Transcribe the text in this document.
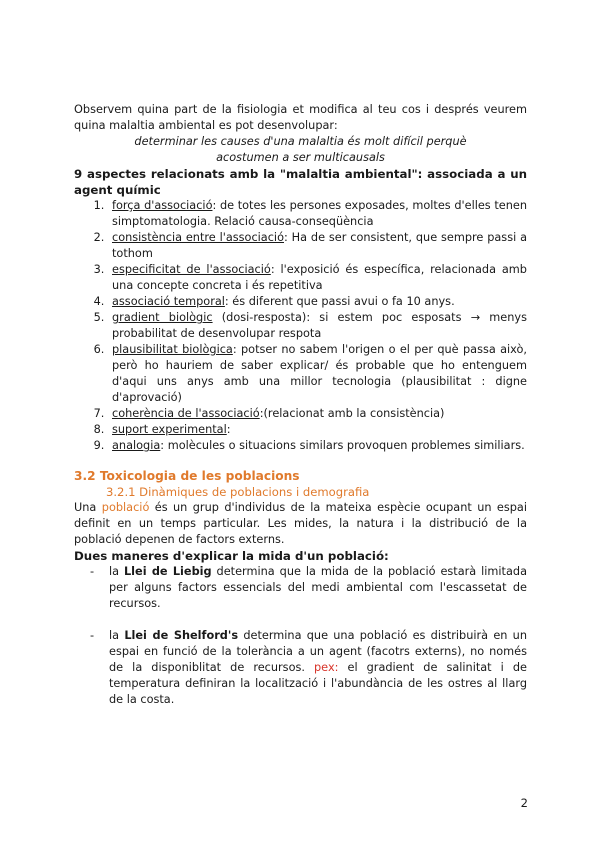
Observem quina part de la fisiologia et modifica al teu cos i després veurem quina malaltia ambiental es pot desenvolupar:

determinar les causes d'una malaltia és molt difícil perquè

acostumen a ser multicausals

9 aspectes relacionats amb la "malaltia ambiental": associada a un agent químic

1. força d'associació: de totes les persones exposades, moltes d'elles tenen simptomatologia. Relació causa-conseqüència
2. consistència entre l'associació: Ha de ser consistent, que sempre passi a tothom
3. especificitat de l'associació: l'exposició és específica, relacionada amb una concepte concreta i és repetitiva
4. associació temporal: és diferent que passi avui o fa 10 anys.
5. gradient biològic (dosi-resposta): si estem poc esposats → menys probabilitat de desenvolupar respota
6. plausibilitat biològica: potser no sabem l'origen o el per què passa això, però ho hauriem de saber explicar/ és probable que ho entenguem d'aqui uns anys amb una millor tecnologia (plausibilitat : digne d'aprovació)
7. coherència de l'associació:(relacionat amb la consistència)
8. suport experimental:
9. analogia: molècules o situacions similars provoquen problemes similiars.

3.2 Toxicologia de les poblacions

3.2.1 Dinàmiques de poblacions i demografia

Una població és un grup d'individus de la mateixa espècie ocupant un espai definit en un temps particular. Les mides, la natura i la distribució de la població depenen de factors externs.

Dues maneres d'explicar la mida d'un població:

- la Llei de Liebig determina que la mida de la població estarà limitada per alguns factors essencials del medi ambiental com l'escassetat de recursos.
- la Llei de Shelford's determina que una població es distribuirà en un espai en funció de la tolerància a un agent (facotrs externs), no només de la disponiblitat de recursos. pex: el gradient de salinitat i de temperatura definiran la localització i l'abundància de les ostres al llarg de la costa.
2
